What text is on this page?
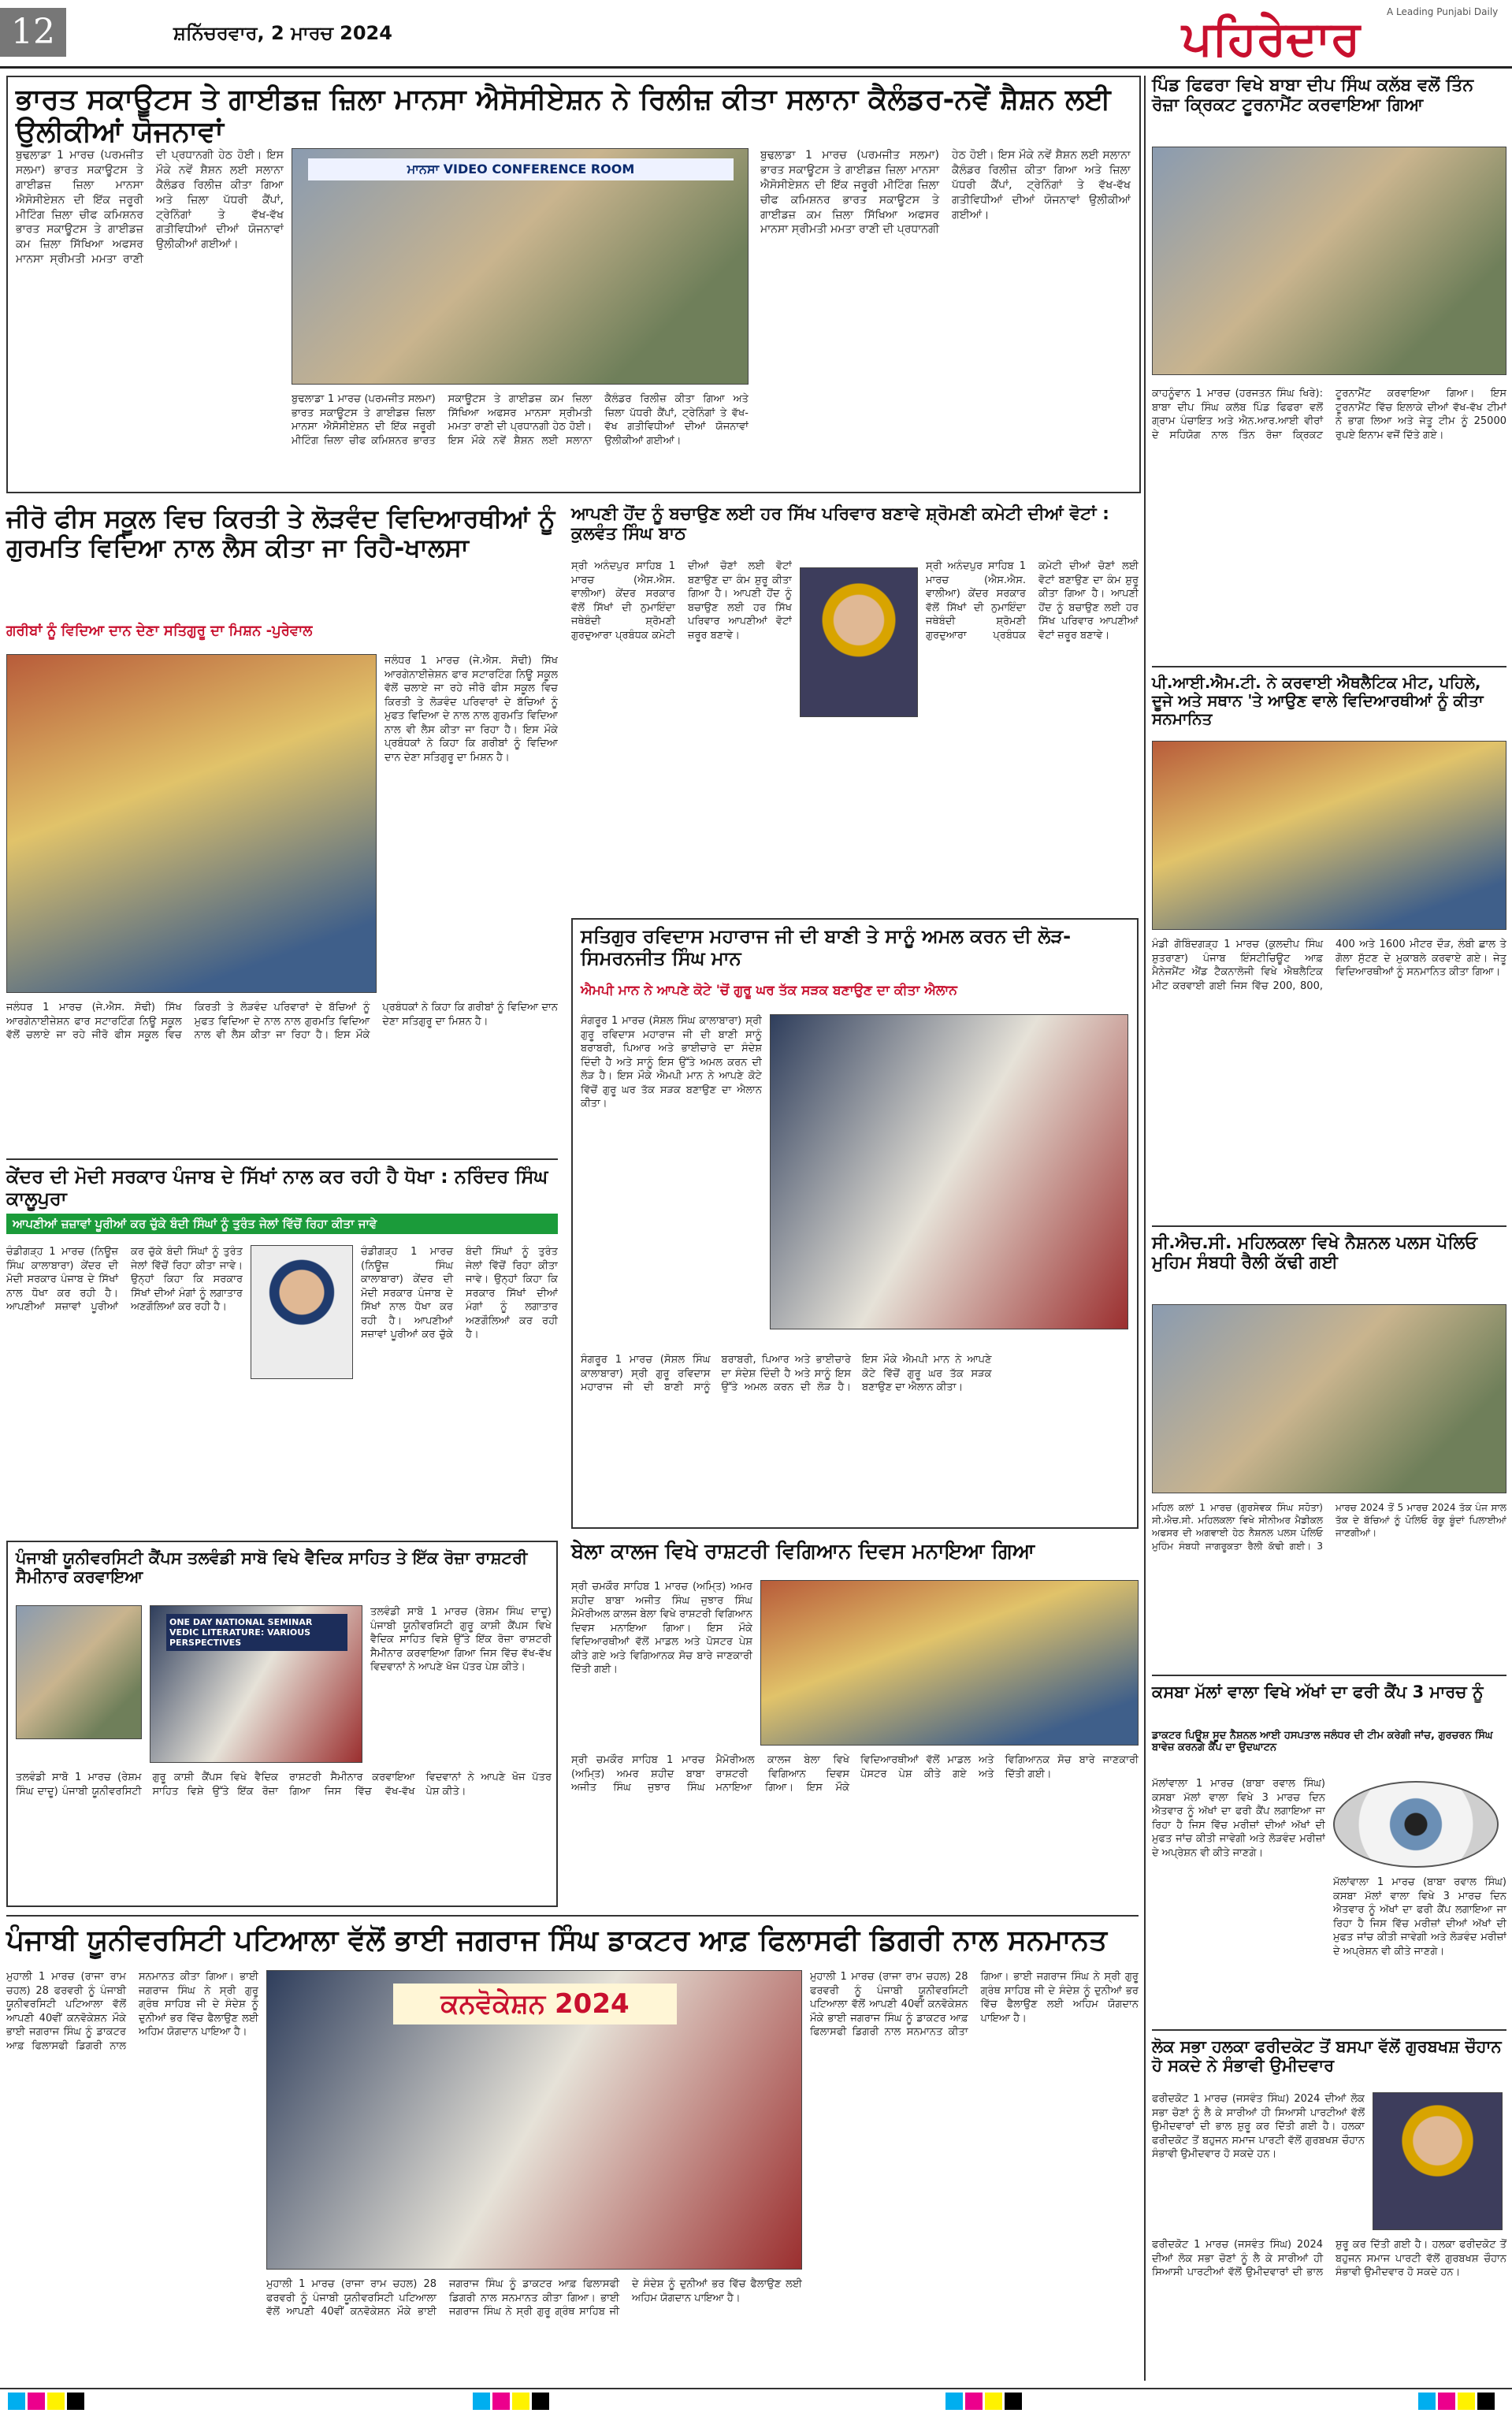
12	ਸ਼ਨਿੱਚਰਵਾਰ, 2 ਮਾਰਚ 2024
A Leading Punjabi Daily
ਪਹਿਰੇਦਾਰ
ਭਾਰਤ ਸਕਾਊਟਸ ਤੇ ਗਾਈਡਜ਼ ਜ਼ਿਲਾ ਮਾਨਸਾ ਐਸੋਸੀਏਸ਼ਨ ਨੇ ਰਿਲੀਜ਼ ਕੀਤਾ ਸਲਾਨਾ ਕੈਲੰਡਰ-ਨਵੇਂ ਸ਼ੈਸ਼ਨ ਲਈ ਉਲੀਕੀਆਂ ਯੋਜਨਾਵਾਂ
ਬੁਢਲਾਡਾ 1 ਮਾਰਚ (ਪਰਮਜੀਤ ਸਲਮਾ) ਭਾਰਤ ਸਕਾਊਟਸ ਤੇ ਗਾਈਡਜ਼ ਜ਼ਿਲਾ ਮਾਨਸਾ ਐਸੋਸੀਏਸ਼ਨ ਦੀ ਇੱਕ ਜਰੂਰੀ ਮੀਟਿੰਗ ਜ਼ਿਲਾ ਚੀਫ ਕਮਿਸ਼ਨਰ ਭਾਰਤ ਸਕਾਊਟਸ ਤੇ ਗਾਈਡਜ਼ ਕਮ ਜ਼ਿਲਾ ਸਿੱਖਿਆ ਅਫਸਰ ਮਾਨਸਾ ਸ੍ਰੀਮਤੀ ਮਮਤਾ ਰਾਣੀ ਦੀ ਪ੍ਰਧਾਨਗੀ ਹੇਠ ਹੋਈ। ਇਸ ਮੌਕੇ ਨਵੇਂ ਸ਼ੈਸ਼ਨ ਲਈ ਸਲਾਨਾ ਕੈਲੰਡਰ ਰਿਲੀਜ਼ ਕੀਤਾ ਗਿਆ ਅਤੇ ਜ਼ਿਲਾ ਪੱਧਰੀ ਕੈਂਪਾਂ, ਟ੍ਰੇਨਿੰਗਾਂ ਤੇ ਵੱਖ-ਵੱਖ ਗਤੀਵਿਧੀਆਂ ਦੀਆਂ ਯੋਜਨਾਵਾਂ ਉਲੀਕੀਆਂ ਗਈਆਂ।
ਮਾਨਸਾ VIDEO CONFERENCE ROOM
ਬੁਢਲਾਡਾ 1 ਮਾਰਚ (ਪਰਮਜੀਤ ਸਲਮਾ) ਭਾਰਤ ਸਕਾਊਟਸ ਤੇ ਗਾਈਡਜ਼ ਜ਼ਿਲਾ ਮਾਨਸਾ ਐਸੋਸੀਏਸ਼ਨ ਦੀ ਇੱਕ ਜਰੂਰੀ ਮੀਟਿੰਗ ਜ਼ਿਲਾ ਚੀਫ ਕਮਿਸ਼ਨਰ ਭਾਰਤ ਸਕਾਊਟਸ ਤੇ ਗਾਈਡਜ਼ ਕਮ ਜ਼ਿਲਾ ਸਿੱਖਿਆ ਅਫਸਰ ਮਾਨਸਾ ਸ੍ਰੀਮਤੀ ਮਮਤਾ ਰਾਣੀ ਦੀ ਪ੍ਰਧਾਨਗੀ ਹੇਠ ਹੋਈ। ਇਸ ਮੌਕੇ ਨਵੇਂ ਸ਼ੈਸ਼ਨ ਲਈ ਸਲਾਨਾ ਕੈਲੰਡਰ ਰਿਲੀਜ਼ ਕੀਤਾ ਗਿਆ ਅਤੇ ਜ਼ਿਲਾ ਪੱਧਰੀ ਕੈਂਪਾਂ, ਟ੍ਰੇਨਿੰਗਾਂ ਤੇ ਵੱਖ-ਵੱਖ ਗਤੀਵਿਧੀਆਂ ਦੀਆਂ ਯੋਜਨਾਵਾਂ ਉਲੀਕੀਆਂ ਗਈਆਂ।
ਬੁਢਲਾਡਾ 1 ਮਾਰਚ (ਪਰਮਜੀਤ ਸਲਮਾ) ਭਾਰਤ ਸਕਾਊਟਸ ਤੇ ਗਾਈਡਜ਼ ਜ਼ਿਲਾ ਮਾਨਸਾ ਐਸੋਸੀਏਸ਼ਨ ਦੀ ਇੱਕ ਜਰੂਰੀ ਮੀਟਿੰਗ ਜ਼ਿਲਾ ਚੀਫ ਕਮਿਸ਼ਨਰ ਭਾਰਤ ਸਕਾਊਟਸ ਤੇ ਗਾਈਡਜ਼ ਕਮ ਜ਼ਿਲਾ ਸਿੱਖਿਆ ਅਫਸਰ ਮਾਨਸਾ ਸ੍ਰੀਮਤੀ ਮਮਤਾ ਰਾਣੀ ਦੀ ਪ੍ਰਧਾਨਗੀ ਹੇਠ ਹੋਈ। ਇਸ ਮੌਕੇ ਨਵੇਂ ਸ਼ੈਸ਼ਨ ਲਈ ਸਲਾਨਾ ਕੈਲੰਡਰ ਰਿਲੀਜ਼ ਕੀਤਾ ਗਿਆ ਅਤੇ ਜ਼ਿਲਾ ਪੱਧਰੀ ਕੈਂਪਾਂ, ਟ੍ਰੇਨਿੰਗਾਂ ਤੇ ਵੱਖ-ਵੱਖ ਗਤੀਵਿਧੀਆਂ ਦੀਆਂ ਯੋਜਨਾਵਾਂ ਉਲੀਕੀਆਂ ਗਈਆਂ।
ਜੀਰੋ ਫੀਸ ਸਕੂਲ ਵਿਚ ਕਿਰਤੀ ਤੇ ਲੋੜਵੰਦ ਵਿਦਿਆਰਥੀਆਂ ਨੂੰ ਗੁਰਮਤਿ ਵਿਦਿਆ ਨਾਲ ਲੈਸ ਕੀਤਾ ਜਾ ਰਿਹੈ-ਖਾਲਸਾ
ਗਰੀਬਾਂ ਨੂੰ ਵਿਦਿਆ ਦਾਨ ਦੇਣਾ ਸਤਿਗੁਰੂ ਦਾ ਮਿਸ਼ਨ -ਪੁਰੇਵਾਲ
ਜਲੰਧਰ 1 ਮਾਰਚ (ਜੇ.ਐਸ. ਸੋਢੀ) ਸਿੱਖ ਆਰਗੇਨਾਈਜ਼ੇਸ਼ਨ ਫਾਰ ਸਟਾਰਟਿੰਗ ਨਿਊ ਸਕੂਲ ਵੱਲੋਂ ਚਲਾਏ ਜਾ ਰਹੇ ਜੀਰੋ ਫੀਸ ਸਕੂਲ ਵਿਚ ਕਿਰਤੀ ਤੇ ਲੋੜਵੰਦ ਪਰਿਵਾਰਾਂ ਦੇ ਬੱਚਿਆਂ ਨੂੰ ਮੁਫਤ ਵਿਦਿਆ ਦੇ ਨਾਲ ਨਾਲ ਗੁਰਮਤਿ ਵਿਦਿਆ ਨਾਲ ਵੀ ਲੈਸ ਕੀਤਾ ਜਾ ਰਿਹਾ ਹੈ। ਇਸ ਮੌਕੇ ਪ੍ਰਬੰਧਕਾਂ ਨੇ ਕਿਹਾ ਕਿ ਗਰੀਬਾਂ ਨੂੰ ਵਿਦਿਆ ਦਾਨ ਦੇਣਾ ਸਤਿਗੁਰੂ ਦਾ ਮਿਸ਼ਨ ਹੈ।
ਜਲੰਧਰ 1 ਮਾਰਚ (ਜੇ.ਐਸ. ਸੋਢੀ) ਸਿੱਖ ਆਰਗੇਨਾਈਜ਼ੇਸ਼ਨ ਫਾਰ ਸਟਾਰਟਿੰਗ ਨਿਊ ਸਕੂਲ ਵੱਲੋਂ ਚਲਾਏ ਜਾ ਰਹੇ ਜੀਰੋ ਫੀਸ ਸਕੂਲ ਵਿਚ ਕਿਰਤੀ ਤੇ ਲੋੜਵੰਦ ਪਰਿਵਾਰਾਂ ਦੇ ਬੱਚਿਆਂ ਨੂੰ ਮੁਫਤ ਵਿਦਿਆ ਦੇ ਨਾਲ ਨਾਲ ਗੁਰਮਤਿ ਵਿਦਿਆ ਨਾਲ ਵੀ ਲੈਸ ਕੀਤਾ ਜਾ ਰਿਹਾ ਹੈ। ਇਸ ਮੌਕੇ ਪ੍ਰਬੰਧਕਾਂ ਨੇ ਕਿਹਾ ਕਿ ਗਰੀਬਾਂ ਨੂੰ ਵਿਦਿਆ ਦਾਨ ਦੇਣਾ ਸਤਿਗੁਰੂ ਦਾ ਮਿਸ਼ਨ ਹੈ।
ਕੇਂਦਰ ਦੀ ਮੋਦੀ ਸਰਕਾਰ ਪੰਜਾਬ ਦੇ ਸਿੱਖਾਂ ਨਾਲ ਕਰ ਰਹੀ ਹੈ ਧੋਖਾ : ਨਰਿੰਦਰ ਸਿੰਘ ਕਾਲੂਪੁਰਾ
ਆਪਣੀਆਂ ਜ਼ਜ਼ਾਵਾਂ ਪੂਰੀਆਂ ਕਰ ਚੁੱਕੇ ਬੰਦੀ ਸਿੰਘਾਂ ਨੂੰ ਤੁਰੰਤ ਜੇਲਾਂ ਵਿੱਚੋਂ ਰਿਹਾ ਕੀਤਾ ਜਾਵੇ
ਚੰਡੀਗੜ੍ਹ 1 ਮਾਰਚ (ਨਿਊਜ਼ ਸਿੰਘ ਕਾਲਾਬਾਰਾ) ਕੇਂਦਰ ਦੀ ਮੋਦੀ ਸਰਕਾਰ ਪੰਜਾਬ ਦੇ ਸਿੱਖਾਂ ਨਾਲ ਧੋਖਾ ਕਰ ਰਹੀ ਹੈ। ਆਪਣੀਆਂ ਸਜ਼ਾਵਾਂ ਪੂਰੀਆਂ ਕਰ ਚੁੱਕੇ ਬੰਦੀ ਸਿੰਘਾਂ ਨੂੰ ਤੁਰੰਤ ਜੇਲਾਂ ਵਿੱਚੋਂ ਰਿਹਾ ਕੀਤਾ ਜਾਵੇ। ਉਨ੍ਹਾਂ ਕਿਹਾ ਕਿ ਸਰਕਾਰ ਸਿੱਖਾਂ ਦੀਆਂ ਮੰਗਾਂ ਨੂੰ ਲਗਾਤਾਰ ਅਣਗੌਲਿਆਂ ਕਰ ਰਹੀ ਹੈ।
ਚੰਡੀਗੜ੍ਹ 1 ਮਾਰਚ (ਨਿਊਜ਼ ਸਿੰਘ ਕਾਲਾਬਾਰਾ) ਕੇਂਦਰ ਦੀ ਮੋਦੀ ਸਰਕਾਰ ਪੰਜਾਬ ਦੇ ਸਿੱਖਾਂ ਨਾਲ ਧੋਖਾ ਕਰ ਰਹੀ ਹੈ। ਆਪਣੀਆਂ ਸਜ਼ਾਵਾਂ ਪੂਰੀਆਂ ਕਰ ਚੁੱਕੇ ਬੰਦੀ ਸਿੰਘਾਂ ਨੂੰ ਤੁਰੰਤ ਜੇਲਾਂ ਵਿੱਚੋਂ ਰਿਹਾ ਕੀਤਾ ਜਾਵੇ। ਉਨ੍ਹਾਂ ਕਿਹਾ ਕਿ ਸਰਕਾਰ ਸਿੱਖਾਂ ਦੀਆਂ ਮੰਗਾਂ ਨੂੰ ਲਗਾਤਾਰ ਅਣਗੌਲਿਆਂ ਕਰ ਰਹੀ ਹੈ।
ਆਪਣੀ ਹੋਂਦ ਨੂੰ ਬਚਾਉਣ ਲਈ ਹਰ ਸਿੱਖ ਪਰਿਵਾਰ ਬਣਾਵੇ ਸ਼੍ਰੋਮਣੀ ਕਮੇਟੀ ਦੀਆਂ ਵੋਟਾਂ : ਕੁਲਵੰਤ ਸਿੰਘ ਬਾਠ
ਸ੍ਰੀ ਅਨੰਦਪੁਰ ਸਾਹਿਬ 1 ਮਾਰਚ (ਐਸ.ਐਸ. ਵਾਲੀਆ) ਕੇਂਦਰ ਸਰਕਾਰ ਵੱਲੋਂ ਸਿੱਖਾਂ ਦੀ ਨੁਮਾਇੰਦਾ ਜਥੇਬੰਦੀ ਸ਼੍ਰੋਮਣੀ ਗੁਰਦੁਆਰਾ ਪ੍ਰਬੰਧਕ ਕਮੇਟੀ ਦੀਆਂ ਚੋਣਾਂ ਲਈ ਵੋਟਾਂ ਬਣਾਉਣ ਦਾ ਕੰਮ ਸ਼ੁਰੂ ਕੀਤਾ ਗਿਆ ਹੈ। ਆਪਣੀ ਹੋਂਦ ਨੂੰ ਬਚਾਉਣ ਲਈ ਹਰ ਸਿੱਖ ਪਰਿਵਾਰ ਆਪਣੀਆਂ ਵੋਟਾਂ ਜ਼ਰੂਰ ਬਣਾਵੇ।
ਸ੍ਰੀ ਅਨੰਦਪੁਰ ਸਾਹਿਬ 1 ਮਾਰਚ (ਐਸ.ਐਸ. ਵਾਲੀਆ) ਕੇਂਦਰ ਸਰਕਾਰ ਵੱਲੋਂ ਸਿੱਖਾਂ ਦੀ ਨੁਮਾਇੰਦਾ ਜਥੇਬੰਦੀ ਸ਼੍ਰੋਮਣੀ ਗੁਰਦੁਆਰਾ ਪ੍ਰਬੰਧਕ ਕਮੇਟੀ ਦੀਆਂ ਚੋਣਾਂ ਲਈ ਵੋਟਾਂ ਬਣਾਉਣ ਦਾ ਕੰਮ ਸ਼ੁਰੂ ਕੀਤਾ ਗਿਆ ਹੈ। ਆਪਣੀ ਹੋਂਦ ਨੂੰ ਬਚਾਉਣ ਲਈ ਹਰ ਸਿੱਖ ਪਰਿਵਾਰ ਆਪਣੀਆਂ ਵੋਟਾਂ ਜ਼ਰੂਰ ਬਣਾਵੇ।
ਸਤਿਗੁਰ ਰਵਿਦਾਸ ਮਹਾਰਾਜ ਜੀ ਦੀ ਬਾਣੀ ਤੇ ਸਾਨੂੰ ਅਮਲ ਕਰਨ ਦੀ ਲੋੜ- ਸਿਮਰਨਜੀਤ ਸਿੰਘ ਮਾਨ
ਐਮਪੀ ਮਾਨ ਨੇ ਆਪਣੇ ਕੋਟੇ 'ਚੋਂ ਗੁਰੂ ਘਰ ਤੱਕ ਸੜਕ ਬਣਾਉਣ ਦਾ ਕੀਤਾ ਐਲਾਨ
ਸੰਗਰੂਰ 1 ਮਾਰਚ (ਸੋਸ਼ਲ ਸਿੰਘ ਕਾਲਾਬਾਰਾ) ਸ੍ਰੀ ਗੁਰੂ ਰਵਿਦਾਸ ਮਹਾਰਾਜ ਜੀ ਦੀ ਬਾਣੀ ਸਾਨੂੰ ਬਰਾਬਰੀ, ਪਿਆਰ ਅਤੇ ਭਾਈਚਾਰੇ ਦਾ ਸੰਦੇਸ਼ ਦਿੰਦੀ ਹੈ ਅਤੇ ਸਾਨੂੰ ਇਸ ਉੱਤੇ ਅਮਲ ਕਰਨ ਦੀ ਲੋੜ ਹੈ। ਇਸ ਮੌਕੇ ਐਮਪੀ ਮਾਨ ਨੇ ਆਪਣੇ ਕੋਟੇ ਵਿੱਚੋਂ ਗੁਰੂ ਘਰ ਤੱਕ ਸੜਕ ਬਣਾਉਣ ਦਾ ਐਲਾਨ ਕੀਤਾ।
ਸੰਗਰੂਰ 1 ਮਾਰਚ (ਸੋਸ਼ਲ ਸਿੰਘ ਕਾਲਾਬਾਰਾ) ਸ੍ਰੀ ਗੁਰੂ ਰਵਿਦਾਸ ਮਹਾਰਾਜ ਜੀ ਦੀ ਬਾਣੀ ਸਾਨੂੰ ਬਰਾਬਰੀ, ਪਿਆਰ ਅਤੇ ਭਾਈਚਾਰੇ ਦਾ ਸੰਦੇਸ਼ ਦਿੰਦੀ ਹੈ ਅਤੇ ਸਾਨੂੰ ਇਸ ਉੱਤੇ ਅਮਲ ਕਰਨ ਦੀ ਲੋੜ ਹੈ। ਇਸ ਮੌਕੇ ਐਮਪੀ ਮਾਨ ਨੇ ਆਪਣੇ ਕੋਟੇ ਵਿੱਚੋਂ ਗੁਰੂ ਘਰ ਤੱਕ ਸੜਕ ਬਣਾਉਣ ਦਾ ਐਲਾਨ ਕੀਤਾ।
ਪੰਜਾਬੀ ਯੂਨੀਵਰਸਿਟੀ ਕੈਂਪਸ ਤਲਵੰਡੀ ਸਾਬੋ ਵਿਖੇ ਵੈਦਿਕ ਸਾਹਿਤ ਤੇ ਇੱਕ ਰੋਜ਼ਾ ਰਾਸ਼ਟਰੀ ਸੈਮੀਨਾਰ ਕਰਵਾਇਆ
ONE DAY NATIONAL SEMINAR VEDIC LITERATURE: VARIOUS PERSPECTIVES
ਤਲਵੰਡੀ ਸਾਬੋ 1 ਮਾਰਚ (ਰੇਸ਼ਮ ਸਿੰਘ ਦਾਦੂ) ਪੰਜਾਬੀ ਯੂਨੀਵਰਸਿਟੀ ਗੁਰੂ ਕਾਸ਼ੀ ਕੈਂਪਸ ਵਿਖੇ ਵੈਦਿਕ ਸਾਹਿਤ ਵਿਸ਼ੇ ਉੱਤੇ ਇੱਕ ਰੋਜ਼ਾ ਰਾਸ਼ਟਰੀ ਸੈਮੀਨਾਰ ਕਰਵਾਇਆ ਗਿਆ ਜਿਸ ਵਿੱਚ ਵੱਖ-ਵੱਖ ਵਿਦਵਾਨਾਂ ਨੇ ਆਪਣੇ ਖੋਜ ਪੱਤਰ ਪੇਸ਼ ਕੀਤੇ।
ਤਲਵੰਡੀ ਸਾਬੋ 1 ਮਾਰਚ (ਰੇਸ਼ਮ ਸਿੰਘ ਦਾਦੂ) ਪੰਜਾਬੀ ਯੂਨੀਵਰਸਿਟੀ ਗੁਰੂ ਕਾਸ਼ੀ ਕੈਂਪਸ ਵਿਖੇ ਵੈਦਿਕ ਸਾਹਿਤ ਵਿਸ਼ੇ ਉੱਤੇ ਇੱਕ ਰੋਜ਼ਾ ਰਾਸ਼ਟਰੀ ਸੈਮੀਨਾਰ ਕਰਵਾਇਆ ਗਿਆ ਜਿਸ ਵਿੱਚ ਵੱਖ-ਵੱਖ ਵਿਦਵਾਨਾਂ ਨੇ ਆਪਣੇ ਖੋਜ ਪੱਤਰ ਪੇਸ਼ ਕੀਤੇ।
ਬੇਲਾ ਕਾਲਜ ਵਿਖੇ ਰਾਸ਼ਟਰੀ ਵਿਗਿਆਨ ਦਿਵਸ ਮਨਾਇਆ ਗਿਆ
ਸ੍ਰੀ ਚਮਕੌਰ ਸਾਹਿਬ 1 ਮਾਰਚ (ਅਮਿ੍ਤ) ਅਮਰ ਸ਼ਹੀਦ ਬਾਬਾ ਅਜੀਤ ਸਿੰਘ ਜੁਝਾਰ ਸਿੰਘ ਮੈਮੋਰੀਅਲ ਕਾਲਜ ਬੇਲਾ ਵਿਖੇ ਰਾਸ਼ਟਰੀ ਵਿਗਿਆਨ ਦਿਵਸ ਮਨਾਇਆ ਗਿਆ। ਇਸ ਮੌਕੇ ਵਿਦਿਆਰਥੀਆਂ ਵੱਲੋਂ ਮਾਡਲ ਅਤੇ ਪੋਸਟਰ ਪੇਸ਼ ਕੀਤੇ ਗਏ ਅਤੇ ਵਿਗਿਆਨਕ ਸੋਚ ਬਾਰੇ ਜਾਣਕਾਰੀ ਦਿੱਤੀ ਗਈ।
ਸ੍ਰੀ ਚਮਕੌਰ ਸਾਹਿਬ 1 ਮਾਰਚ (ਅਮਿ੍ਤ) ਅਮਰ ਸ਼ਹੀਦ ਬਾਬਾ ਅਜੀਤ ਸਿੰਘ ਜੁਝਾਰ ਸਿੰਘ ਮੈਮੋਰੀਅਲ ਕਾਲਜ ਬੇਲਾ ਵਿਖੇ ਰਾਸ਼ਟਰੀ ਵਿਗਿਆਨ ਦਿਵਸ ਮਨਾਇਆ ਗਿਆ। ਇਸ ਮੌਕੇ ਵਿਦਿਆਰਥੀਆਂ ਵੱਲੋਂ ਮਾਡਲ ਅਤੇ ਪੋਸਟਰ ਪੇਸ਼ ਕੀਤੇ ਗਏ ਅਤੇ ਵਿਗਿਆਨਕ ਸੋਚ ਬਾਰੇ ਜਾਣਕਾਰੀ ਦਿੱਤੀ ਗਈ।
ਪੰਜਾਬੀ ਯੂਨੀਵਰਸਿਟੀ ਪਟਿਆਲਾ ਵੱਲੋਂ ਭਾਈ ਜਗਰਾਜ ਸਿੰਘ ਡਾਕਟਰ ਆਫ਼ ਫਿਲਾਸਫੀ ਡਿਗਰੀ ਨਾਲ ਸਨਮਾਨਤ
ਮੁਹਾਲੀ 1 ਮਾਰਚ (ਰਾਜਾ ਰਾਮ ਚਹਲ) 28 ਫਰਵਰੀ ਨੂੰ ਪੰਜਾਬੀ ਯੂਨੀਵਰਸਿਟੀ ਪਟਿਆਲਾ ਵੱਲੋਂ ਆਪਣੀ 40ਵੀਂ ਕਨਵੋਕੇਸ਼ਨ ਮੌਕੇ ਭਾਈ ਜਗਰਾਜ ਸਿੰਘ ਨੂੰ ਡਾਕਟਰ ਆਫ਼ ਫਿਲਾਸਫੀ ਡਿਗਰੀ ਨਾਲ ਸਨਮਾਨਤ ਕੀਤਾ ਗਿਆ। ਭਾਈ ਜਗਰਾਜ ਸਿੰਘ ਨੇ ਸ੍ਰੀ ਗੁਰੂ ਗ੍ਰੰਥ ਸਾਹਿਬ ਜੀ ਦੇ ਸੰਦੇਸ਼ ਨੂੰ ਦੁਨੀਆਂ ਭਰ ਵਿੱਚ ਫੈਲਾਉਣ ਲਈ ਅਹਿਮ ਯੋਗਦਾਨ ਪਾਇਆ ਹੈ।
ਕਨਵੋਕੇਸ਼ਨ 2024
ਮੁਹਾਲੀ 1 ਮਾਰਚ (ਰਾਜਾ ਰਾਮ ਚਹਲ) 28 ਫਰਵਰੀ ਨੂੰ ਪੰਜਾਬੀ ਯੂਨੀਵਰਸਿਟੀ ਪਟਿਆਲਾ ਵੱਲੋਂ ਆਪਣੀ 40ਵੀਂ ਕਨਵੋਕੇਸ਼ਨ ਮੌਕੇ ਭਾਈ ਜਗਰਾਜ ਸਿੰਘ ਨੂੰ ਡਾਕਟਰ ਆਫ਼ ਫਿਲਾਸਫੀ ਡਿਗਰੀ ਨਾਲ ਸਨਮਾਨਤ ਕੀਤਾ ਗਿਆ। ਭਾਈ ਜਗਰਾਜ ਸਿੰਘ ਨੇ ਸ੍ਰੀ ਗੁਰੂ ਗ੍ਰੰਥ ਸਾਹਿਬ ਜੀ ਦੇ ਸੰਦੇਸ਼ ਨੂੰ ਦੁਨੀਆਂ ਭਰ ਵਿੱਚ ਫੈਲਾਉਣ ਲਈ ਅਹਿਮ ਯੋਗਦਾਨ ਪਾਇਆ ਹੈ।
ਮੁਹਾਲੀ 1 ਮਾਰਚ (ਰਾਜਾ ਰਾਮ ਚਹਲ) 28 ਫਰਵਰੀ ਨੂੰ ਪੰਜਾਬੀ ਯੂਨੀਵਰਸਿਟੀ ਪਟਿਆਲਾ ਵੱਲੋਂ ਆਪਣੀ 40ਵੀਂ ਕਨਵੋਕੇਸ਼ਨ ਮੌਕੇ ਭਾਈ ਜਗਰਾਜ ਸਿੰਘ ਨੂੰ ਡਾਕਟਰ ਆਫ਼ ਫਿਲਾਸਫੀ ਡਿਗਰੀ ਨਾਲ ਸਨਮਾਨਤ ਕੀਤਾ ਗਿਆ। ਭਾਈ ਜਗਰਾਜ ਸਿੰਘ ਨੇ ਸ੍ਰੀ ਗੁਰੂ ਗ੍ਰੰਥ ਸਾਹਿਬ ਜੀ ਦੇ ਸੰਦੇਸ਼ ਨੂੰ ਦੁਨੀਆਂ ਭਰ ਵਿੱਚ ਫੈਲਾਉਣ ਲਈ ਅਹਿਮ ਯੋਗਦਾਨ ਪਾਇਆ ਹੈ।
ਪਿੰਡ ਫਿਫਰਾ ਵਿਖੇ ਬਾਬਾ ਦੀਪ ਸਿੰਘ ਕਲੱਬ ਵਲੋਂ ਤਿੰਨ ਰੋਜ਼ਾ ਕ੍ਰਿਕਟ ਟੂਰਨਾਮੈਂਟ ਕਰਵਾਇਆ ਗਿਆ
ਕਾਹਨੂੰਵਾਨ 1 ਮਾਰਚ (ਹਰਜਤਨ ਸਿੰਘ ਖਿਰੇ): ਬਾਬਾ ਦੀਪ ਸਿੰਘ ਕਲੱਬ ਪਿੰਡ ਫਿਫਰਾ ਵਲੋਂ ਗ੍ਰਾਮ ਪੰਚਾਇਤ ਅਤੇ ਐਨ.ਆਰ.ਆਈ ਵੀਰਾਂ ਦੇ ਸਹਿਯੋਗ ਨਾਲ ਤਿੰਨ ਰੋਜ਼ਾ ਕ੍ਰਿਕਟ ਟੂਰਨਾਮੈਂਟ ਕਰਵਾਇਆ ਗਿਆ। ਇਸ ਟੂਰਨਾਮੈਂਟ ਵਿੱਚ ਇਲਾਕੇ ਦੀਆਂ ਵੱਖ-ਵੱਖ ਟੀਮਾਂ ਨੇ ਭਾਗ ਲਿਆ ਅਤੇ ਜੇਤੂ ਟੀਮ ਨੂੰ 25000 ਰੁਪਏ ਇਨਾਮ ਵਜੋਂ ਦਿੱਤੇ ਗਏ।
ਪੀ.ਆਈ.ਐਮ.ਟੀ. ਨੇ ਕਰਵਾਈ ਐਥਲੈਟਿਕ ਮੀਟ, ਪਹਿਲੇ, ਦੂਜੇ ਅਤੇ ਸਥਾਨ 'ਤੇ ਆਉਣ ਵਾਲੇ ਵਿਦਿਆਰਥੀਆਂ ਨੂੰ ਕੀਤਾ ਸਨਮਾਨਿਤ
ਮੰਡੀ ਗੋਬਿੰਦਗੜ੍ਹ 1 ਮਾਰਚ (ਕੁਲਦੀਪ ਸਿੰਘ ਸ਼ੁਤਰਾਣਾ) ਪੰਜਾਬ ਇੰਸਟੀਚਿਊਟ ਆਫ਼ ਮੈਨੇਜਮੈਂਟ ਐਂਡ ਟੈਕਨਾਲੋਜੀ ਵਿਖੇ ਐਥਲੈਟਿਕ ਮੀਟ ਕਰਵਾਈ ਗਈ ਜਿਸ ਵਿੱਚ 200, 800, 400 ਅਤੇ 1600 ਮੀਟਰ ਦੌੜ, ਲੰਬੀ ਛਾਲ ਤੇ ਗੋਲਾ ਸੁੱਟਣ ਦੇ ਮੁਕਾਬਲੇ ਕਰਵਾਏ ਗਏ। ਜੇਤੂ ਵਿਦਿਆਰਥੀਆਂ ਨੂੰ ਸਨਮਾਨਿਤ ਕੀਤਾ ਗਿਆ।
ਸੀ.ਐਚ.ਸੀ. ਮਹਿਲਕਲਾ ਵਿਖੇ ਨੈਸ਼ਨਲ ਪਲਸ ਪੋਲਿਓ ਮੁਹਿਮ ਸੰਬਧੀ ਰੈਲੀ ਕੱਢੀ ਗਈ
ਮਹਿਲ ਕਲਾਂ 1 ਮਾਰਚ (ਗੁਰਸੇਵਕ ਸਿੰਘ ਸਹੋਤਾ) ਸੀ.ਐਚ.ਸੀ. ਮਹਿਲਕਲਾ ਵਿਖੇ ਸੀਨੀਅਰ ਮੈਡੀਕਲ ਅਫਸਰ ਦੀ ਅਗਵਾਈ ਹੇਠ ਨੈਸ਼ਨਲ ਪਲਸ ਪੋਲਿਓ ਮੁਹਿੰਮ ਸੰਬਧੀ ਜਾਗਰੂਕਤਾ ਰੈਲੀ ਕੱਢੀ ਗਈ। 3 ਮਾਰਚ 2024 ਤੋਂ 5 ਮਾਰਚ 2024 ਤੱਕ ਪੰਜ ਸਾਲ ਤੱਕ ਦੇ ਬੱਚਿਆਂ ਨੂੰ ਪੋਲਿਓ ਰੋਕੂ ਬੂੰਦਾਂ ਪਿਲਾਈਆਂ ਜਾਣਗੀਆਂ।
ਕਸਬਾ ਮੱਲਾਂ ਵਾਲਾ ਵਿਖੇ ਅੱਖਾਂ ਦਾ ਫਰੀ ਕੈਂਪ 3 ਮਾਰਚ ਨੂੰ
ਡਾਕਟਰ ਪਿਊਸ਼ ਸੂਦ ਨੈਸ਼ਨਲ ਆਈ ਹਸਪਤਾਲ ਜਲੰਧਰ ਦੀ ਟੀਮ ਕਰੇਗੀ ਜਾਂਚ, ਗੁਰਚਰਨ ਸਿੰਘ ਬਾਵੇਜ਼ ਕਰਨਗੇ ਕੈਂਪ ਦਾ ਉਦਘਾਟਨ
ਮੱਲਾਂਵਾਲਾ 1 ਮਾਰਚ (ਬਾਬਾ ਰਵਾਲ ਸਿੰਘ) ਕਸਬਾ ਮੱਲਾਂ ਵਾਲਾ ਵਿਖੇ 3 ਮਾਰਚ ਦਿਨ ਐਤਵਾਰ ਨੂੰ ਅੱਖਾਂ ਦਾ ਫਰੀ ਕੈਂਪ ਲਗਾਇਆ ਜਾ ਰਿਹਾ ਹੈ ਜਿਸ ਵਿੱਚ ਮਰੀਜ਼ਾਂ ਦੀਆਂ ਅੱਖਾਂ ਦੀ ਮੁਫਤ ਜਾਂਚ ਕੀਤੀ ਜਾਵੇਗੀ ਅਤੇ ਲੋੜਵੰਦ ਮਰੀਜ਼ਾਂ ਦੇ ਅਪ੍ਰੇਸ਼ਨ ਵੀ ਕੀਤੇ ਜਾਣਗੇ।
ਮੱਲਾਂਵਾਲਾ 1 ਮਾਰਚ (ਬਾਬਾ ਰਵਾਲ ਸਿੰਘ) ਕਸਬਾ ਮੱਲਾਂ ਵਾਲਾ ਵਿਖੇ 3 ਮਾਰਚ ਦਿਨ ਐਤਵਾਰ ਨੂੰ ਅੱਖਾਂ ਦਾ ਫਰੀ ਕੈਂਪ ਲਗਾਇਆ ਜਾ ਰਿਹਾ ਹੈ ਜਿਸ ਵਿੱਚ ਮਰੀਜ਼ਾਂ ਦੀਆਂ ਅੱਖਾਂ ਦੀ ਮੁਫਤ ਜਾਂਚ ਕੀਤੀ ਜਾਵੇਗੀ ਅਤੇ ਲੋੜਵੰਦ ਮਰੀਜ਼ਾਂ ਦੇ ਅਪ੍ਰੇਸ਼ਨ ਵੀ ਕੀਤੇ ਜਾਣਗੇ।
ਲੋਕ ਸਭਾ ਹਲਕਾ ਫਰੀਦਕੋਟ ਤੋਂ ਬਸਪਾ ਵੱਲੋਂ ਗੁਰਬਖਸ਼ ਚੌਹਾਨ ਹੋ ਸਕਦੇ ਨੇ ਸੰਭਾਵੀ ਉਮੀਦਵਾਰ
ਫਰੀਦਕੋਟ 1 ਮਾਰਚ (ਜਸਵੰਤ ਸਿੰਘ) 2024 ਦੀਆਂ ਲੋਕ ਸਭਾ ਚੋਣਾਂ ਨੂੰ ਲੈ ਕੇ ਸਾਰੀਆਂ ਹੀ ਸਿਆਸੀ ਪਾਰਟੀਆਂ ਵੱਲੋਂ ਉਮੀਦਵਾਰਾਂ ਦੀ ਭਾਲ ਸ਼ੁਰੂ ਕਰ ਦਿੱਤੀ ਗਈ ਹੈ। ਹਲਕਾ ਫਰੀਦਕੋਟ ਤੋਂ ਬਹੁਜਨ ਸਮਾਜ ਪਾਰਟੀ ਵੱਲੋਂ ਗੁਰਬਖਸ਼ ਚੌਹਾਨ ਸੰਭਾਵੀ ਉਮੀਦਵਾਰ ਹੋ ਸਕਦੇ ਹਨ।
ਫਰੀਦਕੋਟ 1 ਮਾਰਚ (ਜਸਵੰਤ ਸਿੰਘ) 2024 ਦੀਆਂ ਲੋਕ ਸਭਾ ਚੋਣਾਂ ਨੂੰ ਲੈ ਕੇ ਸਾਰੀਆਂ ਹੀ ਸਿਆਸੀ ਪਾਰਟੀਆਂ ਵੱਲੋਂ ਉਮੀਦਵਾਰਾਂ ਦੀ ਭਾਲ ਸ਼ੁਰੂ ਕਰ ਦਿੱਤੀ ਗਈ ਹੈ। ਹਲਕਾ ਫਰੀਦਕੋਟ ਤੋਂ ਬਹੁਜਨ ਸਮਾਜ ਪਾਰਟੀ ਵੱਲੋਂ ਗੁਰਬਖਸ਼ ਚੌਹਾਨ ਸੰਭਾਵੀ ਉਮੀਦਵਾਰ ਹੋ ਸਕਦੇ ਹਨ।
